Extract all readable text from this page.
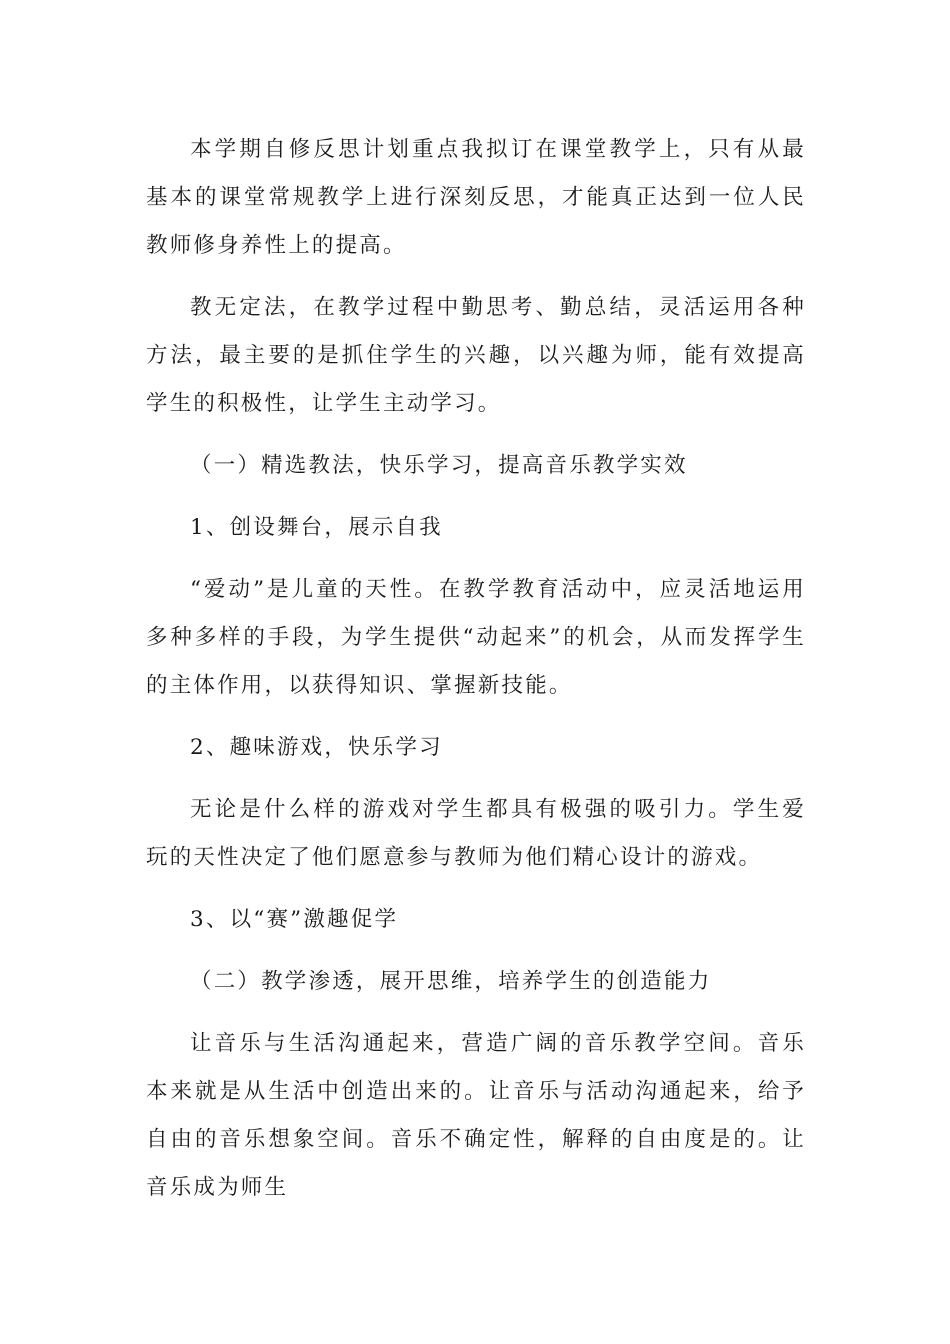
本学期自修反思计划重点我拟订在课堂教学上，只有从最基本的课堂常规教学上进行深刻反思，才能真正达到一位人民教师修身养性上的提高。

教无定法，在教学过程中勤思考、勤总结，灵活运用各种方法，最主要的是抓住学生的兴趣，以兴趣为师，能有效提高学生的积极性，让学生主动学习。

（一）精选教法，快乐学习，提高音乐教学实效

1、创设舞台，展示自我

“爱动”是儿童的天性。在教学教育活动中，应灵活地运用多种多样的手段，为学生提供“动起来”的机会，从而发挥学生的主体作用，以获得知识、掌握新技能。

2、趣味游戏，快乐学习

无论是什么样的游戏对学生都具有极强的吸引力。学生爱玩的天性决定了他们愿意参与教师为他们精心设计的游戏。

3、以“赛”激趣促学

（二）教学渗透，展开思维，培养学生的创造能力

让音乐与生活沟通起来，营造广阔的音乐教学空间。音乐本来就是从生活中创造出来的。让音乐与活动沟通起来，给予自由的音乐想象空间。音乐不确定性，解释的自由度是的。让音乐成为师生
